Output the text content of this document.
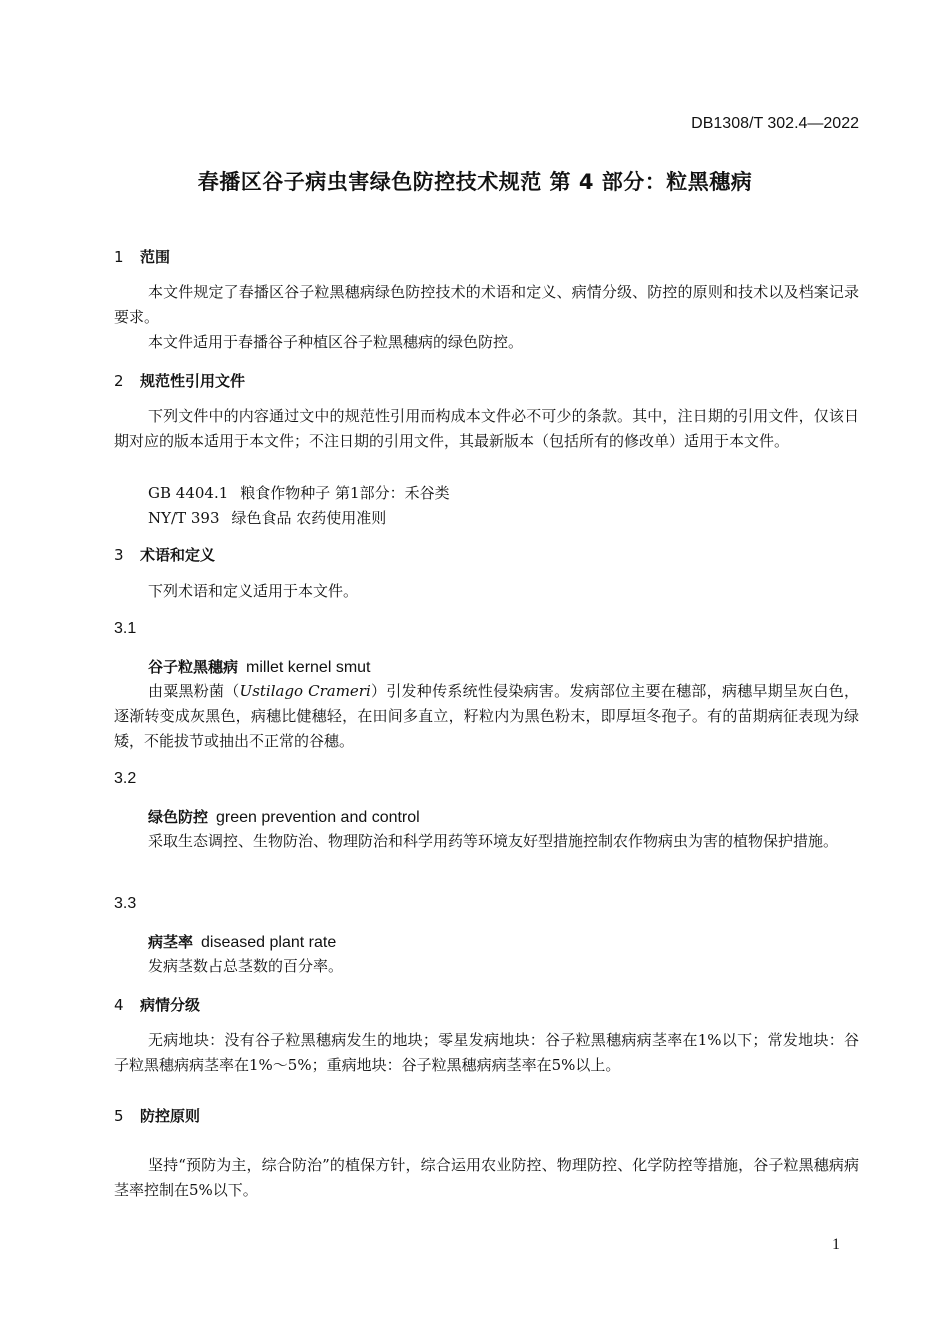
DB1308/T 302.4—2022
春播区谷子病虫害绿色防控技术规范 第 4 部分：粒黑穗病
1 范围

本文件规定了春播区谷子粒黑穗病绿色防控技术的术语和定义、病情分级、防控的原则和技术以及档案记录要求。

本文件适用于春播谷子种植区谷子粒黑穗病的绿色防控。

2 规范性引用文件

下列文件中的内容通过文中的规范性引用而构成本文件必不可少的条款。其中，注日期的引用文件，仅该日期对应的版本适用于本文件；不注日期的引用文件，其最新版本（包括所有的修改单）适用于本文件。

GB 4404.1 粮食作物种子 第1部分：禾谷类
NY/T 393 绿色食品 农药使用准则
3 术语和定义

下列术语和定义适用于本文件。

3.1
谷子粒黑穗病 millet kernel smut

由粟黑粉菌（Ustilago Crameri）引发种传系统性侵染病害。发病部位主要在穗部，病穗早期呈灰白色，逐渐转变成灰黑色，病穗比健穗轻，在田间多直立，籽粒内为黑色粉末，即厚垣冬孢子。有的苗期病征表现为绿矮，不能拔节或抽出不正常的谷穗。

3.2
绿色防控 green prevention and control

采取生态调控、生物防治、物理防治和科学用药等环境友好型措施控制农作物病虫为害的植物保护措施。

3.3
病茎率 diseased plant rate

发病茎数占总茎数的百分率。

4 病情分级

无病地块：没有谷子粒黑穗病发生的地块；零星发病地块：谷子粒黑穗病病茎率在1%以下；常发地块：谷子粒黑穗病病茎率在1%～5%；重病地块：谷子粒黑穗病病茎率在5%以上。

5 防控原则

坚持“预防为主，综合防治”的植保方针，综合运用农业防控、物理防控、化学防控等措施，谷子粒黑穗病病茎率控制在5%以下。

1
